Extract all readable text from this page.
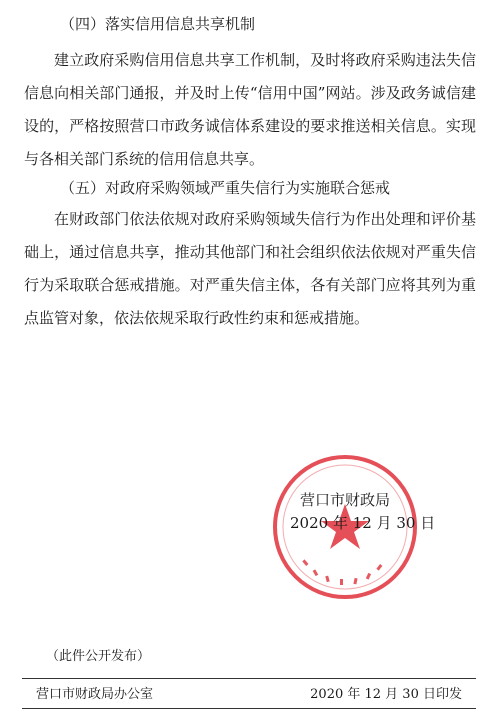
（四）落实信用信息共享机制
建立政府采购信用信息共享工作机制，及时将政府采购违法失信信息向相关部门通报，并及时上传“信用中国”网站。涉及政务诚信建设的，严格按照营口市政务诚信体系建设的要求推送相关信息。实现与各相关部门系统的信用信息共享。
（五）对政府采购领域严重失信行为实施联合惩戒
在财政部门依法依规对政府采购领域失信行为作出处理和评价基础上，通过信息共享，推动其他部门和社会组织依法依规对严重失信行为采取联合惩戒措施。对严重失信主体，各有关部门应将其列为重点监管对象，依法依规采取行政性约束和惩戒措施。
营口市财政局
2020 年 12 月 30 日
（此件公开发布）
营口市财政局办公室	2020 年 12 月 30 日印发
